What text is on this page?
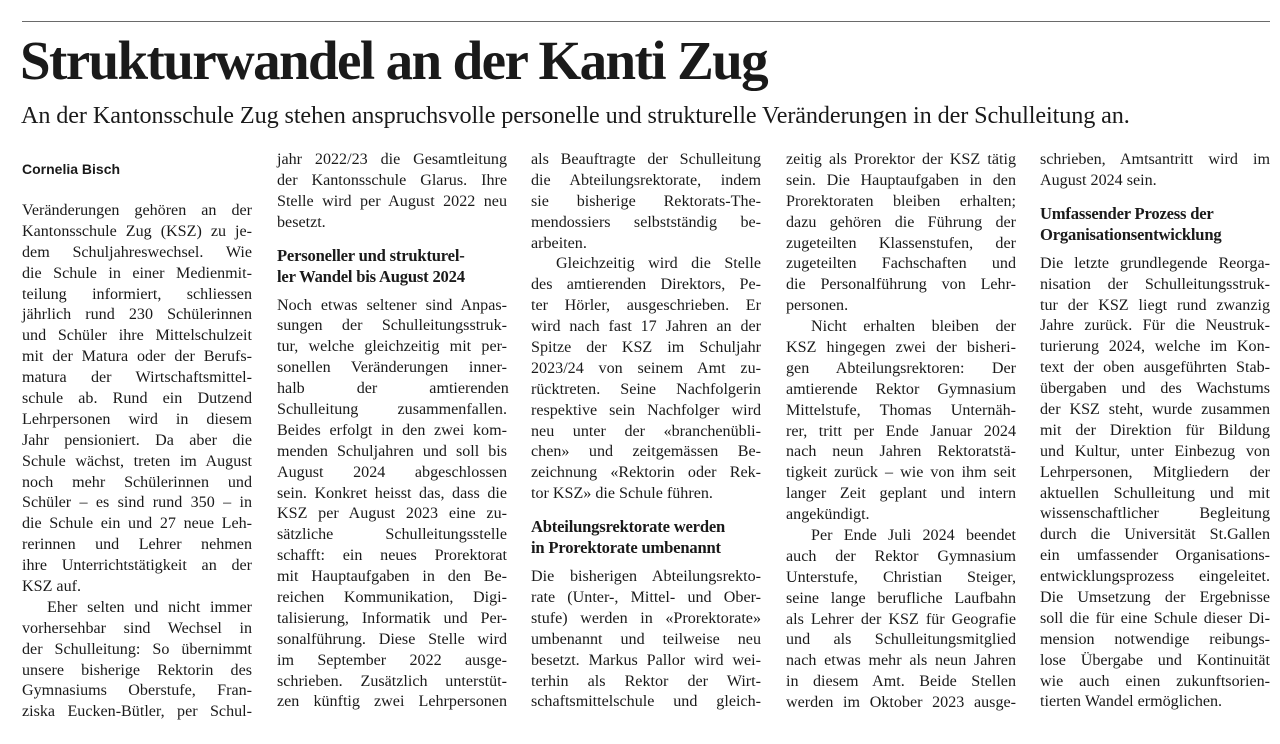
Strukturwandel an der Kanti Zug

An der Kantonsschule Zug stehen anspruchsvolle personelle und strukturelle Veränderungen in der Schulleitung an.

Cornelia Bisch
Veränderungen gehören an der
Kantonsschule Zug (KSZ) zu je-
dem Schuljahreswechsel. Wie
die Schule in einer Medienmit-
teilung informiert, schliessen
jährlich rund 230 Schülerinnen
und Schüler ihre Mittelschulzeit
mit der Matura oder der Berufs-
matura der Wirtschaftsmittel-
schule ab. Rund ein Dutzend
Lehrpersonen wird in diesem
Jahr pensioniert. Da aber die
Schule wächst, treten im August
noch mehr Schülerinnen und
Schüler – es sind rund 350 – in
die Schule ein und 27 neue Leh-
rerinnen und Lehrer nehmen
ihre Unterrichtstätigkeit an der
KSZ auf.
Eher selten und nicht immer
vorhersehbar sind Wechsel in
der Schulleitung: So übernimmt
unsere bisherige Rektorin des
Gymnasiums Oberstufe, Fran-
ziska Eucken-Bütler, per Schul-
jahr 2022/23 die Gesamtleitung
der Kantonsschule Glarus. Ihre
Stelle wird per August 2022 neu
besetzt.
Personeller und strukturel-
ler Wandel bis August 2024
Noch etwas seltener sind Anpas-
sungen der Schulleitungsstruk-
tur, welche gleichzeitig mit per-
sonellen Veränderungen inner-
halb der amtierenden
Schulleitung zusammenfallen.
Beides erfolgt in den zwei kom-
menden Schuljahren und soll bis
August 2024 abgeschlossen
sein. Konkret heisst das, dass die
KSZ per August 2023 eine zu-
sätzliche Schulleitungsstelle
schafft: ein neues Prorektorat
mit Hauptaufgaben in den Be-
reichen Kommunikation, Digi-
talisierung, Informatik und Per-
sonalführung. Diese Stelle wird
im September 2022 ausge-
schrieben. Zusätzlich unterstüt-
zen künftig zwei Lehrpersonen
als Beauftragte der Schulleitung
die Abteilungsrektorate, indem
sie bisherige Rektorats-The-
mendossiers selbstständig be-
arbeiten.
Gleichzeitig wird die Stelle
des amtierenden Direktors, Pe-
ter Hörler, ausgeschrieben. Er
wird nach fast 17 Jahren an der
Spitze der KSZ im Schuljahr
2023/24 von seinem Amt zu-
rücktreten. Seine Nachfolgerin
respektive sein Nachfolger wird
neu unter der «branchenübli-
chen» und zeitgemässen Be-
zeichnung «Rektorin oder Rek-
tor KSZ» die Schule führen.
Abteilungsrektorate werden
in Prorektorate umbenannt
Die bisherigen Abteilungsrekto-
rate (Unter-, Mittel- und Ober-
stufe) werden in «Prorektorate»
umbenannt und teilweise neu
besetzt. Markus Pallor wird wei-
terhin als Rektor der Wirt-
schaftsmittelschule und gleich-
zeitig als Prorektor der KSZ tätig
sein. Die Hauptaufgaben in den
Prorektoraten bleiben erhalten;
dazu gehören die Führung der
zugeteilten Klassenstufen, der
zugeteilten Fachschaften und
die Personalführung von Lehr-
personen.
Nicht erhalten bleiben der
KSZ hingegen zwei der bisheri-
gen Abteilungsrektoren: Der
amtierende Rektor Gymnasium
Mittelstufe, Thomas Unternäh-
rer, tritt per Ende Januar 2024
nach neun Jahren Rektoratstä-
tigkeit zurück – wie von ihm seit
langer Zeit geplant und intern
angekündigt.
Per Ende Juli 2024 beendet
auch der Rektor Gymnasium
Unterstufe, Christian Steiger,
seine lange berufliche Laufbahn
als Lehrer der KSZ für Geografie
und als Schulleitungsmitglied
nach etwas mehr als neun Jahren
in diesem Amt. Beide Stellen
werden im Oktober 2023 ausge-
schrieben, Amtsantritt wird im
August 2024 sein.
Umfassender Prozess der
Organisationsentwicklung
Die letzte grundlegende Reorga-
nisation der Schulleitungsstruk-
tur der KSZ liegt rund zwanzig
Jahre zurück. Für die Neustruk-
turierung 2024, welche im Kon-
text der oben ausgeführten Stab-
übergaben und des Wachstums
der KSZ steht, wurde zusammen
mit der Direktion für Bildung
und Kultur, unter Einbezug von
Lehrpersonen, Mitgliedern der
aktuellen Schulleitung und mit
wissenschaftlicher Begleitung
durch die Universität St.Gallen
ein umfassender Organisations-
entwicklungsprozess eingeleitet.
Die Umsetzung der Ergebnisse
soll die für eine Schule dieser Di-
mension notwendige reibungs-
lose Übergabe und Kontinuität
wie auch einen zukunftsorien-
tierten Wandel ermöglichen.
